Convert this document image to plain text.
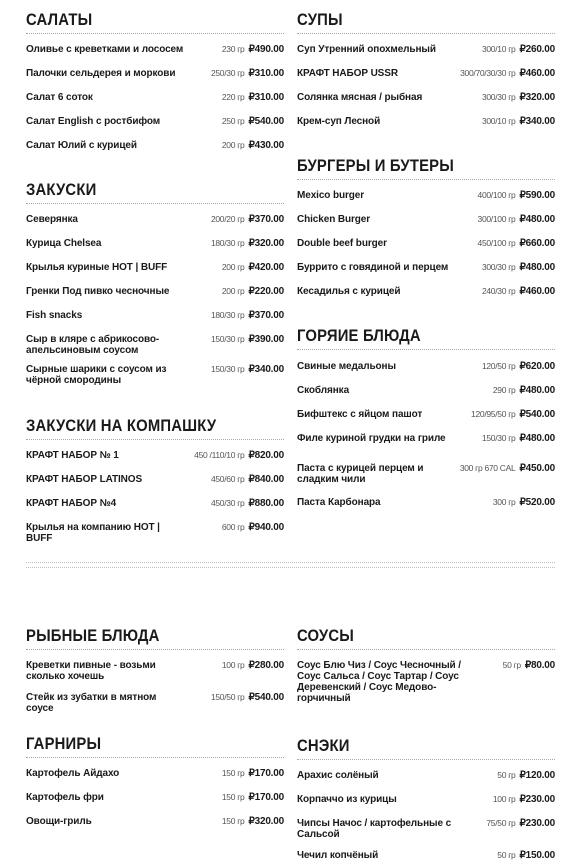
САЛАТЫ
Оливье с креветками и лососем	230 гр ₽490.00
Палочки сельдерея и моркови	250/30 гр ₽310.00
Салат 6 соток	220 гр ₽310.00
Салат English с ростбифом	250 гр ₽540.00
Салат Юлий с курицей	200 гр ₽430.00
ЗАКУСКИ
Северянка	200/20 гр ₽370.00
Курица Chelsea	180/30 гр ₽320.00
Крылья куриные HOT | BUFF	200 гр ₽420.00
Гренки Под пивко чесночные	200 гр ₽220.00
Fish snacks	180/30 гр ₽370.00
Сыр в кляре с абрикосово-апельсиновым соусом
150/30 гр ₽390.00
Сырные шарики с соусом из чёрной смородины
150/30 гр ₽340.00
ЗАКУСКИ НА КОМПАШКУ
КРАФТ НАБОР № 1	450 /110/10 гр ₽820.00
КРАФТ НАБОР LATINOS	450/60 гр ₽840.00
КРАФТ НАБОР №4	450/30 гр ₽880.00
Крылья на компанию HOT | BUFF
600 гр ₽940.00
СУПЫ
Суп Утренний опохмельный	300/10 гр ₽260.00
КРАФТ НАБОР USSR	300/70/30/30 гр ₽460.00
Солянка мясная / рыбная	300/30 гр ₽320.00
Крем-суп Лесной	300/10 гр ₽340.00
БУРГЕРЫ И БУТЕРЫ
Mexico burger	400/100 гр ₽590.00
Chicken Burger	300/100 гр ₽480.00
Double beef burger	450/100 гр ₽660.00
Буррито с говядиной и перцем	300/30 гр ₽480.00
Кесадилья с курицей	240/30 гр ₽460.00
ГОРЯИЕ БЛЮДА
Свиные медальоны	120/50 гр ₽620.00
Скоблянка	290 гр ₽480.00
Бифштекс с яйцом пашот	120/95/50 гр ₽540.00
Филе куриной грудки на гриле	150/30 гр ₽480.00
Паста с курицей перцем и сладким чили
300 гр 670 CAL ₽450.00
Паста Карбонара	300 гр ₽520.00
РЫБНЫЕ БЛЮДА
Креветки пивные - возьми сколько хочешь
100 гр ₽280.00
Стейк из зубатки в мятном соусе
150/50 гр ₽540.00
ГАРНИРЫ
Картофель Айдахо	150 гр ₽170.00
Картофель фри	150 гр ₽170.00
Овощи-гриль	150 гр ₽320.00
СОУСЫ
Соус Блю Чиз / Соус Чесночный / Соус Сальса / Соус Тартар / Соус Деревенский / Соус Медово-горчичный
50 гр ₽80.00
СНЭКИ
Арахис солёный	50 гр ₽120.00
Корпаччо из курицы	100 гр ₽230.00
Чипсы Начос / картофельные с Сальсой
75/50 гр ₽230.00
Чечил копчёный	50 гр ₽150.00
